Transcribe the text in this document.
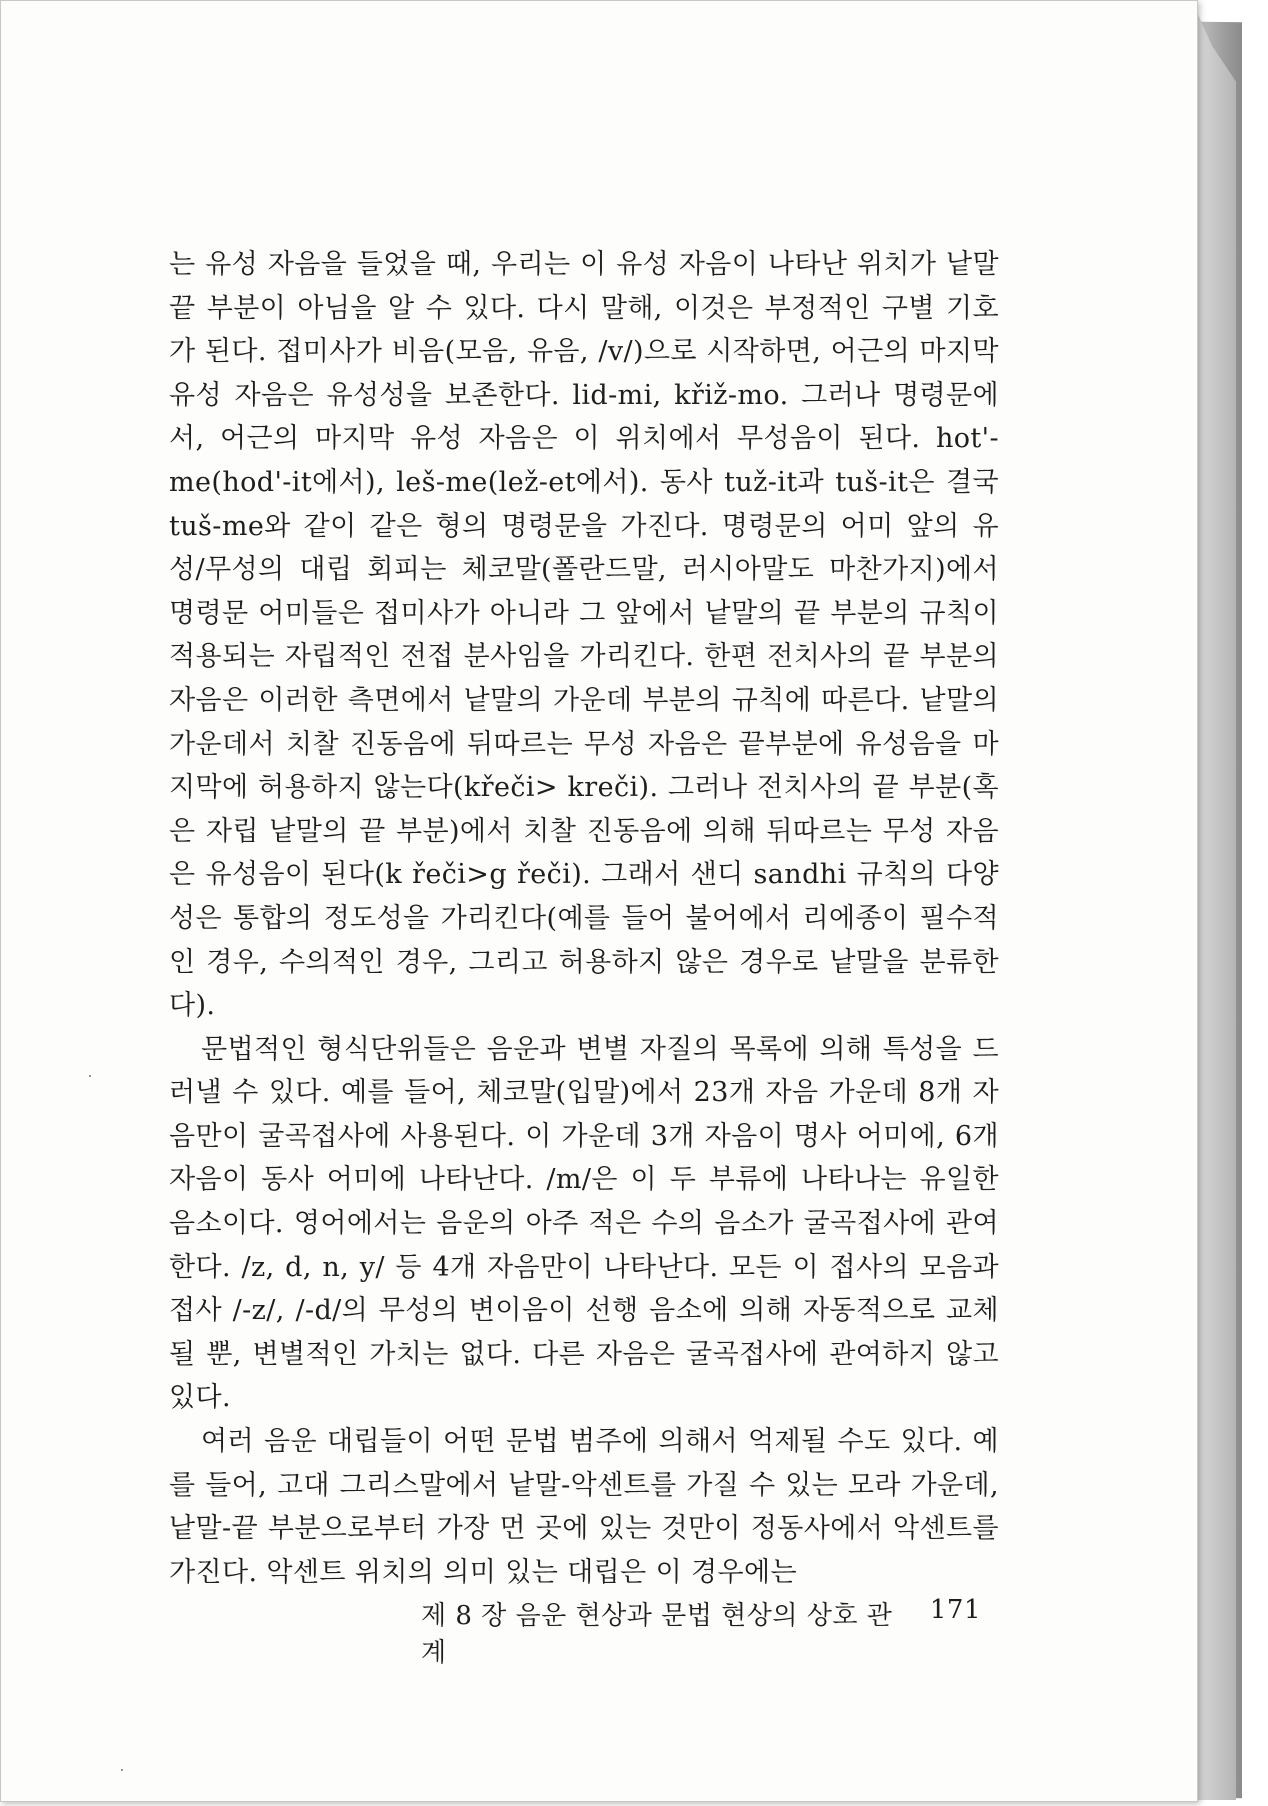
는 유성 자음을 들었을 때, 우리는 이 유성 자음이 나타난 위치가 낱말 끝 부분이 아님을 알 수 있다. 다시 말해, 이것은 부정적인 구별 기호가 된다. 접미사가 비음(모음, 유음, /v/)으로 시작하면, 어근의 마지막 유성 자음은 유성성을 보존한다. lid-mi, křiž-mo. 그러나 명령문에서, 어근의 마지막 유성 자음은 이 위치에서 무성음이 된다. hot'-me(hod'-it에서), leš-me(lež-et에서). 동사 tuž-it과 tuš-it은 결국 tuš-me와 같이 같은 형의 명령문을 가진다. 명령문의 어미 앞의 유성/무성의 대립 회피는 체코말(폴란드말, 러시아말도 마찬가지)에서 명령문 어미들은 접미사가 아니라 그 앞에서 낱말의 끝 부분의 규칙이 적용되는 자립적인 전접 분사임을 가리킨다. 한편 전치사의 끝 부분의 자음은 이러한 측면에서 낱말의 가운데 부분의 규칙에 따른다. 낱말의 가운데서 치찰 진동음에 뒤따르는 무성 자음은 끝부분에 유성음을 마지막에 허용하지 않는다(křeči> kreči). 그러나 전치사의 끝 부분(혹은 자립 낱말의 끝 부분)에서 치찰 진동음에 의해 뒤따르는 무성 자음은 유성음이 된다(k řeči>g řeči). 그래서 샌디 sandhi 규칙의 다양성은 통합의 정도성을 가리킨다(예를 들어 불어에서 리에종이 필수적인 경우, 수의적인 경우, 그리고 허용하지 않은 경우로 낱말을 분류한다).

문법적인 형식단위들은 음운과 변별 자질의 목록에 의해 특성을 드러낼 수 있다. 예를 들어, 체코말(입말)에서 23개 자음 가운데 8개 자음만이 굴곡접사에 사용된다. 이 가운데 3개 자음이 명사 어미에, 6개 자음이 동사 어미에 나타난다. /m/은 이 두 부류에 나타나는 유일한 음소이다. 영어에서는 음운의 아주 적은 수의 음소가 굴곡접사에 관여한다. /z, d, n, y/ 등 4개 자음만이 나타난다. 모든 이 접사의 모음과 접사 /-z/, /-d/의 무성의 변이음이 선행 음소에 의해 자동적으로 교체될 뿐, 변별적인 가치는 없다. 다른 자음은 굴곡접사에 관여하지 않고 있다.

여러 음운 대립들이 어떤 문법 범주에 의해서 억제될 수도 있다. 예를 들어, 고대 그리스말에서 낱말-악센트를 가질 수 있는 모라 가운데, 낱말-끝 부분으로부터 가장 먼 곳에 있는 것만이 정동사에서 악센트를 가진다. 악센트 위치의 의미 있는 대립은 이 경우에는

제 8 장 음운 현상과 문법 현상의 상호 관계
171
